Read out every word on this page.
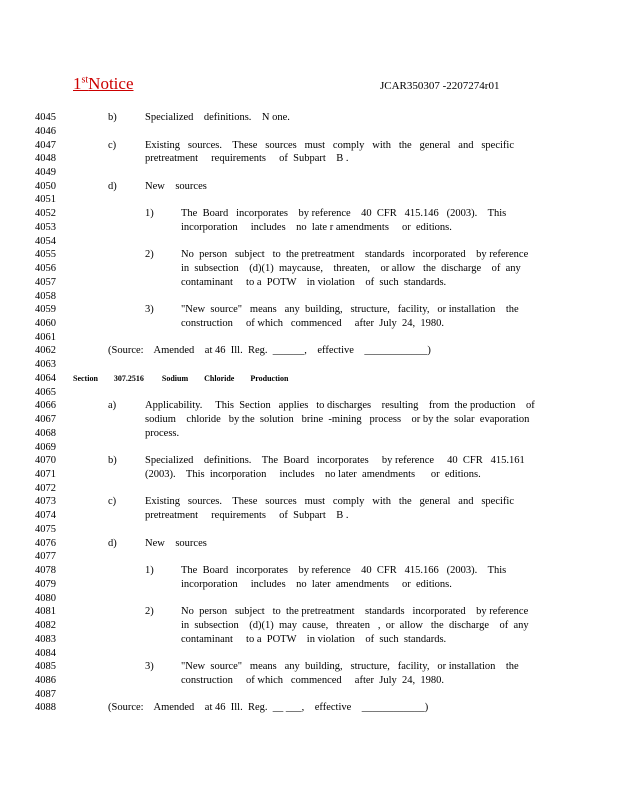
1stNotice	JCAR350307 -2207274r01
4045	b)	Specialized    definitions.    N one.
4046
4047	c)	Existing   sources.    These   sources   must   comply   with   the   general   and   specific
4048	pretreatment     requirements     of  Subpart    B .
4049
4050	d)	New    sources
4051
4052	1)	The  Board   incorporates    by reference    40  CFR   415.146   (2003).    This
4053	incorporation     includes    no  late r amendments     or  editions.
4054
4055	2)	No  person   subject   to  the pretreatment    standards   incorporated    by reference
4056	in  subsection    (d)(1)  maycause,    threaten,    or allow   the  discharge    of  any
4057	contaminant     to a  POTW    in violation    of  such  standards.
4058
4059	3)	"New  source"   means   any  building,   structure,   facility,   or installation    the
4060	construction     of which   commenced     after  July  24,  1980.
4061
4062	(Source:    Amended    at 46  Ill.  Reg.  ______,    effective    ____________)
4063
4064	Section        307.2516         Sodium        Chloride        Production
4065
4066	a)	Applicability.     This  Section   applies   to discharges    resulting    from  the production    of
4067	sodium    chloride   by the  solution   brine  -mining   process    or by the  solar  evaporation
4068	process.
4069
4070	b)	Specialized    definitions.    The  Board   incorporates     by reference     40  CFR   415.161
4071	(2003).    This  incorporation     includes    no later  amendments      or  editions.
4072
4073	c)	Existing   sources.    These   sources   must   comply   with   the   general   and   specific
4074	pretreatment     requirements     of  Subpart    B .
4075
4076	d)	New    sources
4077
4078	1)	The  Board   incorporates    by reference    40  CFR   415.166   (2003).    This
4079	incorporation     includes    no  later  amendments     or  editions.
4080
4081	2)	No  person   subject   to  the pretreatment    standards   incorporated    by reference
4082	in  subsection    (d)(1)  may  cause,   threaten   ,  or  allow   the  discharge    of  any
4083	contaminant     to a  POTW    in violation    of  such  standards.
4084
4085	3)	"New  source"   means   any  building,   structure,   facility,   or installation    the
4086	construction     of which   commenced     after  July  24,  1980.
4087
4088	(Source:    Amended    at 46  Ill.  Reg.  __ ___,    effective    ____________)
